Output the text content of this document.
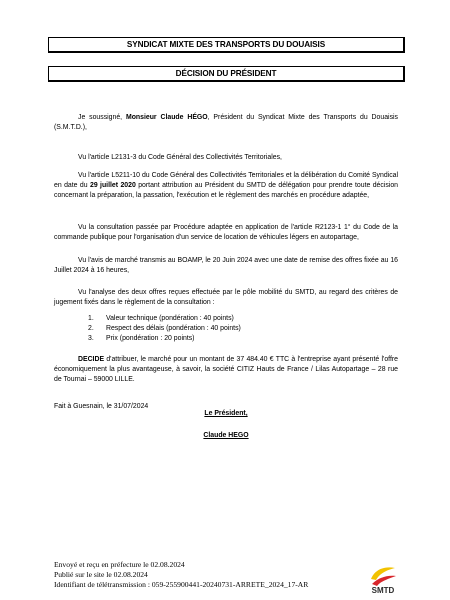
SYNDICAT MIXTE DES TRANSPORTS DU DOUAISIS
DÉCISION DU PRÉSIDENT

Je soussigné, Monsieur Claude HÉGO, Président du Syndicat Mixte des Transports du Douaisis (S.M.T.D.),

Vu l'article L2131-3 du Code Général des Collectivités Territoriales,

Vu l'article L5211-10 du Code Général des Collectivités Territoriales et la délibération du Comité Syndical en date du 29 juillet 2020 portant attribution au Président du SMTD de délégation pour prendre toute décision concernant la préparation, la passation, l'exécution et le règlement des marchés en procédure adaptée,

Vu la consultation passée par Procédure adaptée en application de l'article R2123-1 1° du Code de la commande publique pour l'organisation d'un service de location de véhicules légers en autopartage,

Vu l'avis de marché transmis au BOAMP, le 20 Juin 2024 avec une date de remise des offres fixée au 16 Juillet 2024 à 16 heures,

Vu l'analyse des deux offres reçues effectuée par le pôle mobilité du SMTD, au regard des critères de jugement fixés dans le règlement de la consultation :

1.	Valeur technique (pondération : 40 points)
2.	Respect des délais (pondération : 40 points)
3.	Prix (pondération : 20 points)

DECIDE d'attribuer, le marché pour un montant de 37 484.40 € TTC à l'entreprise ayant présenté l'offre économiquement la plus avantageuse, à savoir, la société CITIZ Hauts de France / Lilas Autopartage – 28 rue de Tournai – 59000 LILLE.

Fait à Guesnain, le 31/07/2024

Le Président,
Claude HEGO
Envoyé et reçu en préfecture le 02.08.2024
Publié sur le site le 02.08.2024
Identifiant de télétransmission : 059-255900441-20240731-ARRETE_2024_17-AR
SMTD
